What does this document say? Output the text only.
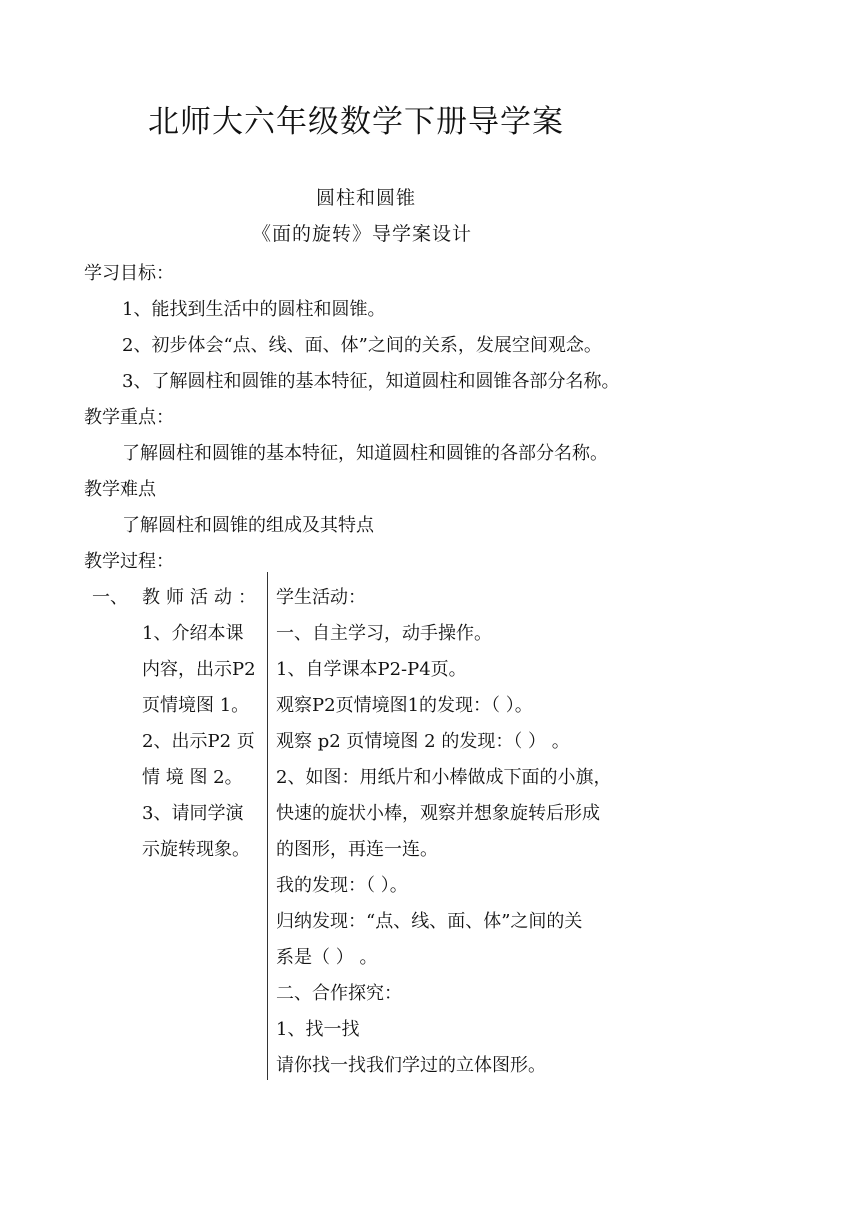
北师大六年级数学下册导学案
圆柱和圆锥
《面的旋转》导学案设计
学习目标：
1、能找到生活中的圆柱和圆锥。
2、初步体会“点、线、面、体”之间的关系，发展空间观念。
3、了解圆柱和圆锥的基本特征，知道圆柱和圆锥各部分名称。
教学重点：
了解圆柱和圆锥的基本特征，知道圆柱和圆锥的各部分名称。
教学难点
了解圆柱和圆锥的组成及其特点
教学过程：
一、 教师活动：
1、介绍本课
内容，出示P2
页情境图 1。
2、出示P2 页
情 境 图 2。
3、请同学演
示旋转现象。
学生活动：
一、自主学习，动手操作。
1、自学课本P2-P4页。
观察P2页情境图1的发现：（ ）。
观察 p2 页情境图 2 的发现：（ ） 。
2、如图：用纸片和小棒做成下面的小旗，
快速的旋状小棒，观察并想象旋转后形成
的图形，再连一连。
我的发现：（ ）。
归纳发现：“点、线、面、体”之间的关
系是（ ） 。
二、合作探究：
1、找一找
请你找一找我们学过的立体图形。
